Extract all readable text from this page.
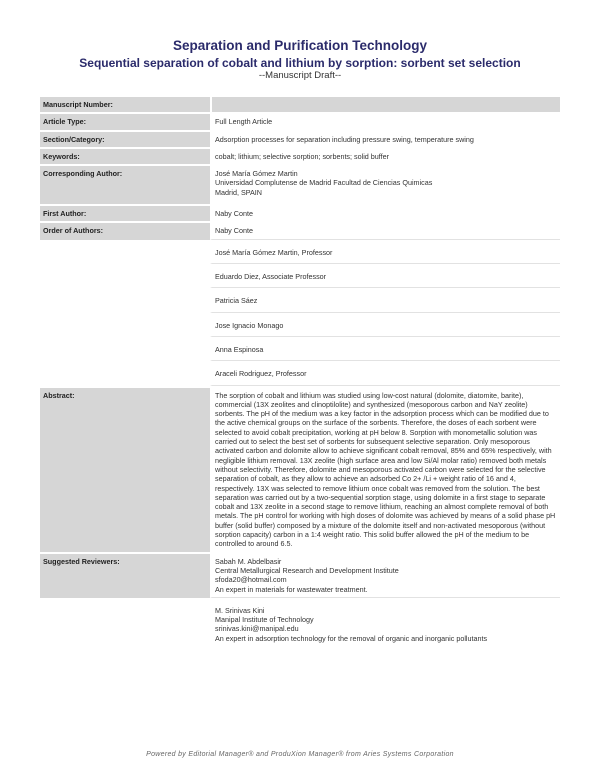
Separation and Purification Technology

Sequential separation of cobalt and lithium by sorption: sorbent set selection

--Manuscript Draft--

Manuscript Number:	
Article Type:	Full Length Article
Section/Category:	Adsorption processes for separation including pressure swing, temperature swing
Keywords:	cobalt; lithium; selective sorption; sorbents; solid buffer
Corresponding Author:	José María Gómez Martin
Universidad Complutense de Madrid Facultad de Ciencias Quimicas
Madrid, SPAIN

First Author:	Naby Conte
Order of Authors:	Naby Conte
	José María Gómez Martin, Professor
	Eduardo Diez, Associate Professor
	Patricia Sáez
	Jose Ignacio Monago
	Anna Espinosa
	Araceli Rodriguez, Professor
Abstract:	The sorption of cobalt and lithium was studied using low-cost natural (dolomite, diatomite, barite), commercial (13X zeolites and clinoptilolite) and synthesized (mesoporous carbon and NaY zeolite) sorbents. The pH of the medium was a key factor in the adsorption process which can be modified due to the active chemical groups on the surface of the sorbents. Therefore, the doses of each sorbent were selected to avoid cobalt precipitation, working at pH below 8. Sorption with monometallic solution was carried out to select the best set of sorbents for subsequent selective separation. Only mesoporous activated carbon and dolomite allow to achieve significant cobalt removal, 85% and 65% respectively, with negligible lithium removal. 13X zeolite (high surface area and low Si/Al molar ratio) removed both metals without selectivity. Therefore, dolomite and mesoporous activated carbon were selected for the selective separation of cobalt, as they allow to achieve an adsorbed Co 2+ /Li + weight ratio of 16 and 4, respectively. 13X was selected to remove lithium once cobalt was removed from the solution. The best separation was carried out by a two-sequential sorption stage, using dolomite in a first stage to separate cobalt and 13X zeolite in a second stage to remove lithium, reaching an almost complete removal of both metals. The pH control for working with high doses of dolomite was achieved by means of a solid phase pH buffer (solid buffer) composed by a mixture of the dolomite itself and non-activated mesoporous (without sorption capacity) carbon in a 1:4 weight ratio. This solid buffer allowed the pH of the medium to be controlled to around 6.5.
Suggested Reviewers:	Sabah M. Abdelbasir
Central Metallurgical Research and Development Institute
sfoda20@hotmail.com
An expert in materials for wastewater treatment.

	M. Srinivas Kini
Manipal Institute of Technology
srinivas.kini@manipal.edu
An expert in adsorption technology for the removal of organic and inorganic pollutants
Powered by Editorial Manager® and ProduXion Manager® from Aries Systems Corporation
